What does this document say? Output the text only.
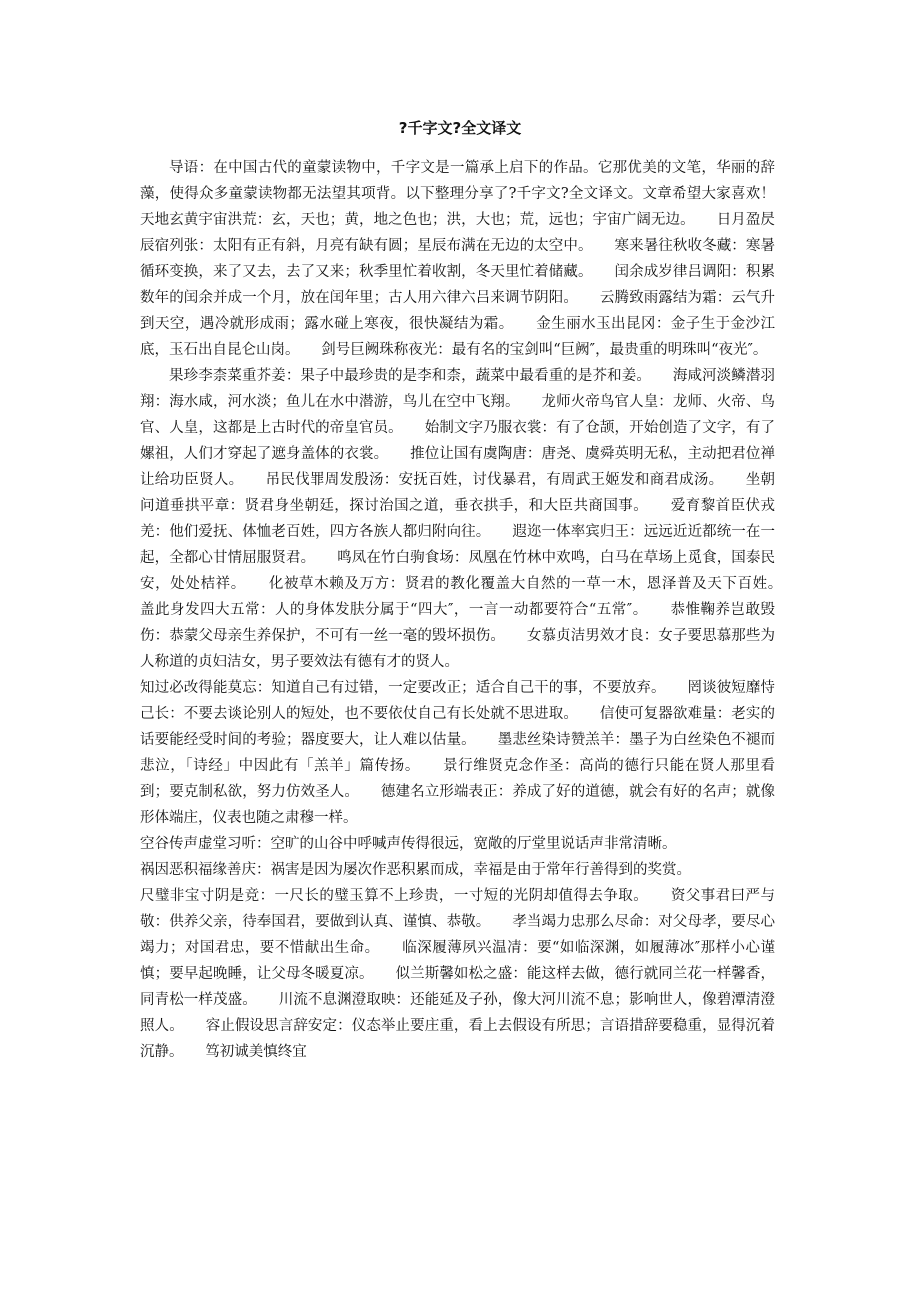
?千字文?全文译文

导语：在中国古代的童蒙读物中，千字文是一篇承上启下的作品。它那优美的文笔，华丽的辞藻，使得众多童蒙读物都无法望其项背。以下整理分享了?千字文?全文译文。文章希望大家喜欢！　　天地玄黄宇宙洪荒：玄，天也；黄，地之色也；洪，大也；荒，远也；宇宙广阔无边。　　日月盈昃辰宿列张：太阳有正有斜，月亮有缺有圆；星辰布满在无边的太空中。　　寒来暑往秋收冬藏：寒暑循环变换，来了又去，去了又来；秋季里忙着收割，冬天里忙着储藏。　　闰余成岁律吕调阳：积累数年的闰余并成一个月，放在闰年里；古人用六律六吕来调节阴阳。　　云腾致雨露结为霜：云气升到天空，遇冷就形成雨；露水碰上寒夜，很快凝结为霜。　　金生丽水玉出昆冈：金子生于金沙江底，玉石出自昆仑山岗。　　剑号巨阙珠称夜光：最有名的宝剑叫“巨阙″，最贵重的明珠叫“夜光″。

果珍李柰菜重芥姜：果子中最珍贵的是李和柰，蔬菜中最看重的是芥和姜。　　海咸河淡鳞潜羽翔：海水咸，河水淡；鱼儿在水中潜游，鸟儿在空中飞翔。　　龙师火帝鸟官人皇：龙师、火帝、鸟官、人皇，这都是上古时代的帝皇官员。　　始制文字乃服衣裳：有了仓颉，开始创造了文字，有了嫘祖，人们才穿起了遮身盖体的衣裳。　　推位让国有虞陶唐：唐尧、虞舜英明无私，主动把君位禅让给功臣贤人。　　吊民伐罪周发殷汤：安抚百姓，讨伐暴君，有周武王姬发和商君成汤。　　坐朝问道垂拱平章：贤君身坐朝廷，探讨治国之道，垂衣拱手，和大臣共商国事。　　爱育黎首臣伏戎羌：他们爱抚、体恤老百姓，四方各族人都归附向往。　　遐迩一体率宾归王：远远近近都统一在一起，全都心甘情屈服贤君。　　鸣凤在竹白驹食场：凤凰在竹林中欢鸣，白马在草场上觅食，国泰民安，处处桔祥。　　化被草木赖及万方：贤君的教化覆盖大自然的一草一木，恩泽普及天下百姓。　　盖此身发四大五常：人的身体发肤分属于“四大″，一言一动都要符合“五常″。　　恭惟鞠养岂敢毁伤：恭蒙父母亲生养保护，不可有一丝一毫的毁坏损伤。　　女慕贞洁男效才良：女子要思慕那些为人称道的贞妇洁女，男子要效法有德有才的贤人。

知过必改得能莫忘：知道自己有过错，一定要改正；适合自己干的事，不要放弃。　　罔谈彼短靡恃己长：不要去谈论别人的短处，也不要依仗自己有长处就不思进取。　　信使可复器欲难量：老实的话要能经受时间的考验；器度要大，让人难以估量。　　墨悲丝染诗赞羔羊：墨子为白丝染色不褪而悲泣，「诗经」中因此有「羔羊」篇传扬。　　景行维贤克念作圣：高尚的德行只能在贤人那里看到；要克制私欲，努力仿效圣人。　　德建名立形端表正：养成了好的道德，就会有好的名声；就像形体端庄，仪表也随之肃穆一样。

空谷传声虚堂习听：空旷的山谷中呼喊声传得很远，宽敞的厅堂里说话声非常清晰。

祸因恶积福缘善庆：祸害是因为屡次作恶积累而成，幸福是由于常年行善得到的奖赏。

尺璧非宝寸阴是竞：一尺长的璧玉算不上珍贵，一寸短的光阴却值得去争取。　　资父事君曰严与敬：供养父亲，待奉国君，要做到认真、谨慎、恭敬。　　孝当竭力忠那么尽命：对父母孝，要尽心竭力；对国君忠，要不惜献出生命。　　临深履薄夙兴温凊：要“如临深渊，如履薄冰″那样小心谨慎；要早起晚睡，让父母冬暖夏凉。　　似兰斯馨如松之盛：能这样去做，德行就同兰花一样馨香，同青松一样茂盛。　　川流不息渊澄取映：还能延及子孙，像大河川流不息；影响世人，像碧潭清澄照人。　　容止假设思言辞安定：仪态举止要庄重，看上去假设有所思；言语措辞要稳重，显得沉着沉静。　　笃初诚美慎终宜
